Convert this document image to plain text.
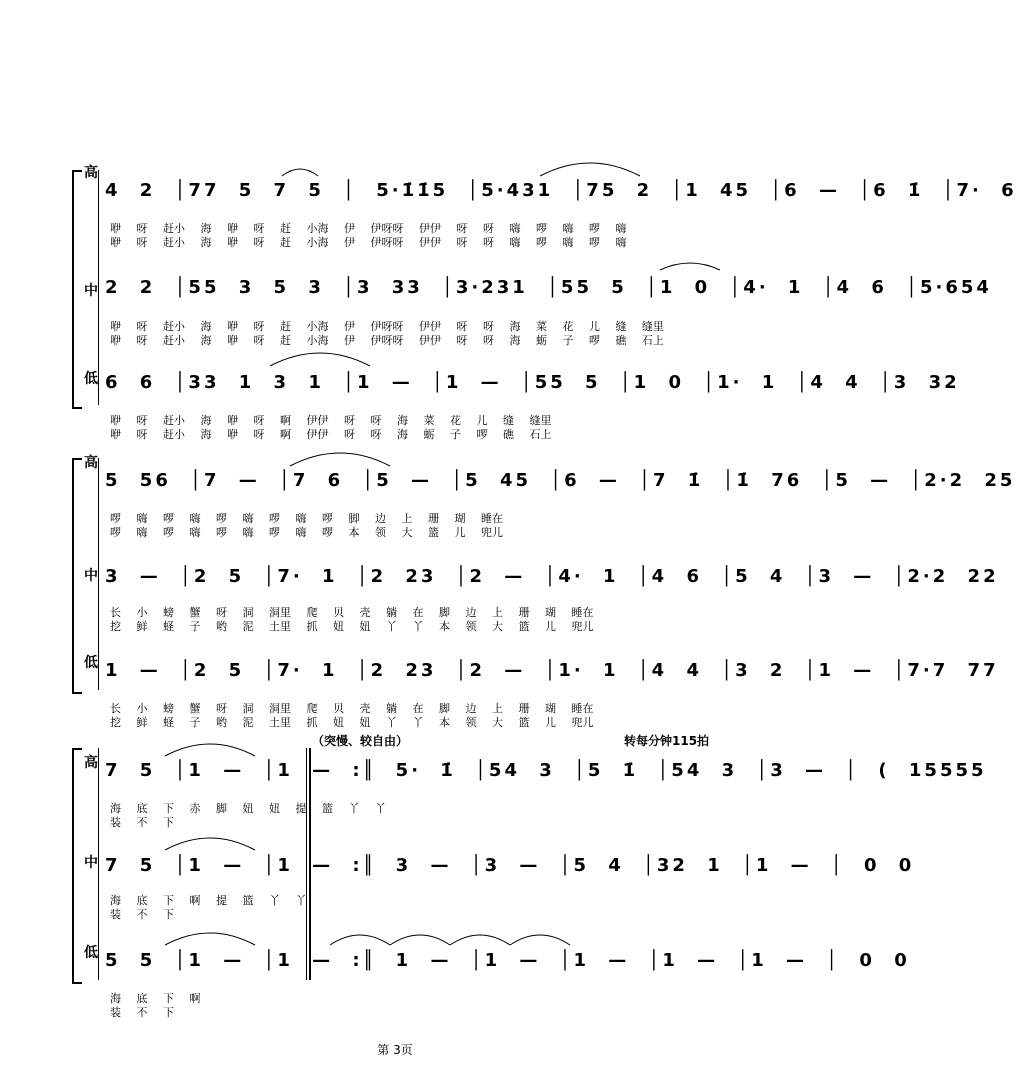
高
中
低
4 2 │77 5 7 5 │ 5·1̇1̇5 │5·431 │75 2 │1 45 │6 — │6 1̇ │7· 6
咿 呀 赶小 海 咿 呀 赶 小海 伊 伊呀呀 伊伊 呀 呀 嗨 啰 嗨 啰 嗨
咿 呀 赶小 海 咿 呀 赶 小海 伊 伊呀呀 伊伊 呀 呀 嗨 啰 嗨 啰 嗨
2 2 │55 3 5 3 │3 33 │3·231 │55 5 │1 0 │4· 1 │4 6 │5·654
咿 呀 赶小 海 咿 呀 赶 小海 伊 伊呀呀 伊伊 呀 呀 海 菜 花 儿 缝 缝里
咿 呀 赶小 海 咿 呀 赶 小海 伊 伊呀呀 伊伊 呀 呀 海 蛎 子 啰 礁 石上
6 6 │33 1 3 1 │1 — │1 — │55 5 │1 0 │1· 1 │4 4 │3 32
咿 呀 赶小 海 咿 呀 啊 伊伊 呀 呀 海 菜 花 儿 缝 缝里
咿 呀 赶小 海 咿 呀 啊 伊伊 呀 呀 海 蛎 子 啰 礁 石上
高
中
低
5 56 │7 — │7 6 │5 — │5 45 │6 — │7 1̇ │1̇ 76 │5 — │2·2 25
啰 嗨 啰 嗨 啰 嗨 啰 嗨 啰 脚 边 上 珊 瑚 睡在
啰 嗨 啰 嗨 啰 嗨 啰 嗨 啰 本 领 大 篮 儿 兜儿
3 — │2 5 │7· 1 │2 23 │2 — │4· 1 │4 6 │5 4 │3 — │2·2 22
长 小 螃 蟹 呀 洞 洞里 爬 贝 壳 躺 在 脚 边 上 珊 瑚 睡在
挖 鲜 蛏 子 哟 泥 土里 抓 妞 妞 丫 丫 本 领 大 篮 儿 兜儿
1 — │2 5 │7· 1 │2 23 │2 — │1· 1 │4 4 │3 2 │1 — │7·7 77
长 小 螃 蟹 呀 洞 洞里 爬 贝 壳 躺 在 脚 边 上 珊 瑚 睡在
挖 鲜 蛏 子 哟 泥 土里 抓 妞 妞 丫 丫 本 领 大 篮 儿 兜儿
（突慢、较自由）	转每分钟115拍
高
中
低
7 5 │1 — │1 — :║ 5· 1̇ │54 3 │5 1̇ │54 3 │3 — │ ( 15555
海 底 下 赤 脚 妞 妞 提 篮 丫 丫
装 不 下
7 5 │1 — │1 — :║ 3 — │3 — │5 4 │32 1 │1 — │ 0 0
海 底 下 啊 提 篮 丫 丫
装 不 下
5 5 │1 — │1 — :║ 1 — │1 — │1 — │1 — │1 — │ 0 0
海 底 下 啊
装 不 下
第 3页
